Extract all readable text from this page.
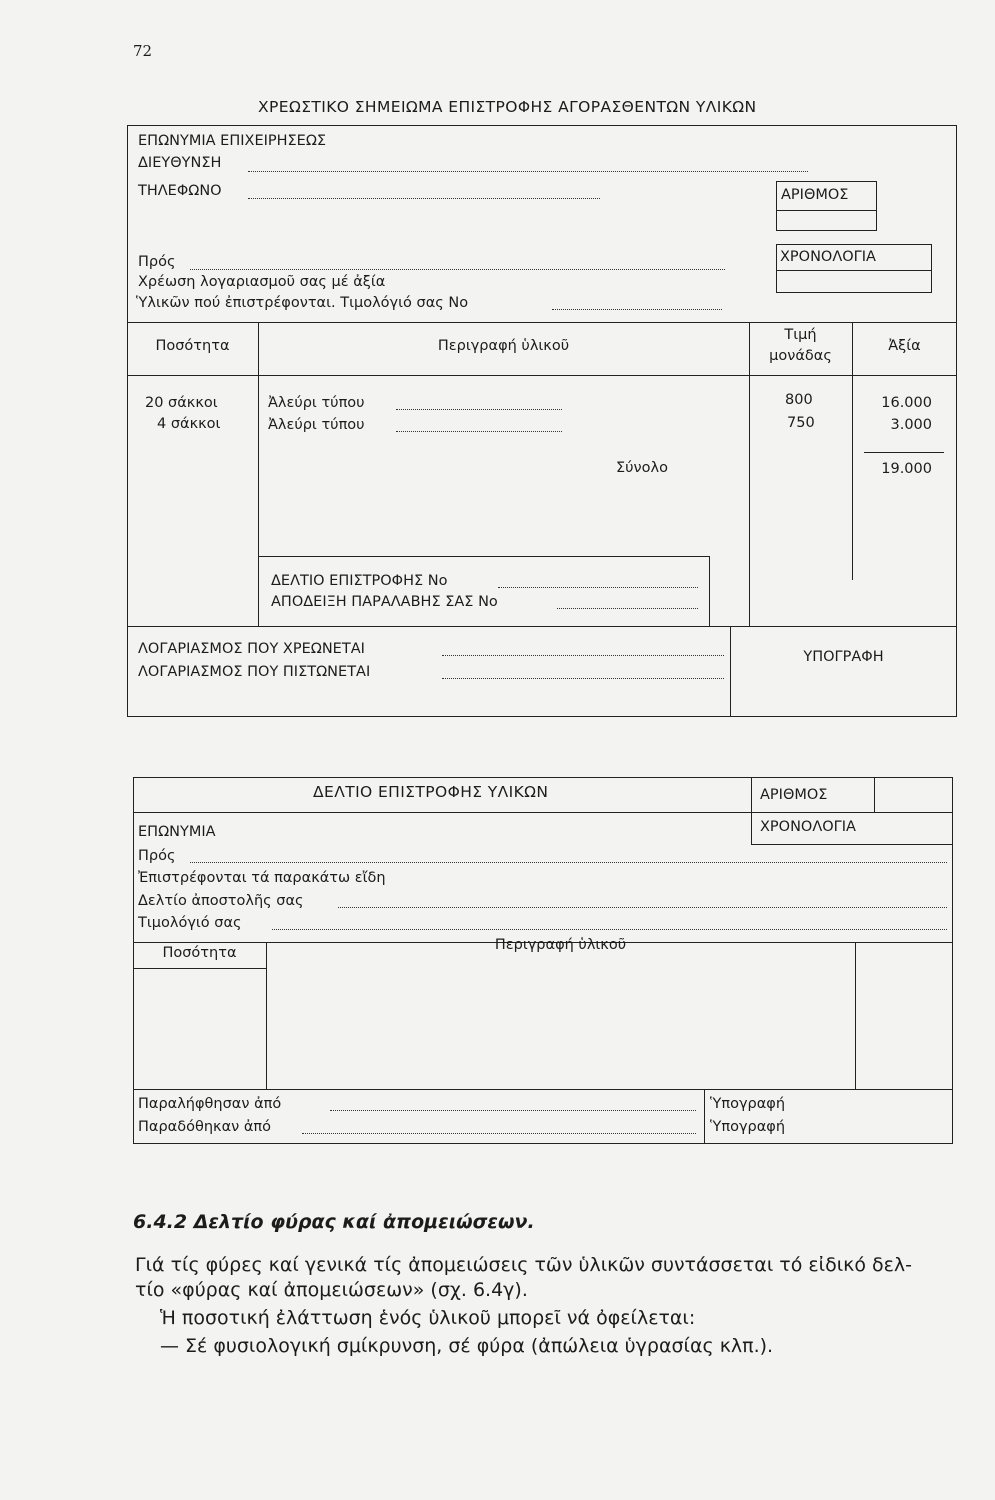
72
ΧΡΕΩΣΤΙΚΟ ΣΗΜΕΙΩΜΑ ΕΠΙΣΤΡΟΦΗΣ ΑΓΟΡΑΣΘΕΝΤΩΝ ΥΛΙΚΩΝ
ΕΠΩΝΥΜΙΑ ΕΠΙΧΕΙΡΗΣΕΩΣ
ΔΙΕΥΘΥΝΣΗ
ΤΗΛΕΦΩΝΟ	ΑΡΙΘΜΟΣ
Πρός	ΧΡΟΝΟΛΟΓΙΑ
Χρέωση λογαριασμοῦ σας μέ ἀξία
Ὑλικῶν πού ἐπιστρέφονται. Τιμολόγιό σας Νο
Ποσότητα	Περιγραφή ὑλικοῦ
Τιμή
μονάδας
Ἀξία
20 σάκκοι	Ἀλεύρι τύπου	800	16.000
4 σάκκοι	Ἀλεύρι τύπου	750	3.000
Σύνολο	19.000
ΔΕΛΤΙΟ ΕΠΙΣΤΡΟΦΗΣ Νο
ΑΠΟΔΕΙΞΗ ΠΑΡΑΛΑΒΗΣ ΣΑΣ Νο
ΛΟΓΑΡΙΑΣΜΟΣ ΠΟΥ ΧΡΕΩΝΕΤΑΙ
ΛΟΓΑΡΙΑΣΜΟΣ ΠΟΥ ΠΙΣΤΩΝΕΤΑΙ
ΥΠΟΓΡΑΦΗ
ΔΕΛΤΙΟ ΕΠΙΣΤΡΟΦΗΣ ΥΛΙΚΩΝ	ΑΡΙΘΜΟΣ
ΧΡΟΝΟΛΟΓΙΑ
ΕΠΩΝΥΜΙΑ
Πρός
Ἐπιστρέφονται τά παρακάτω εἴδη
Δελτίο ἀποστολῆς σας
Τιμολόγιό σας
Ποσότητα	Περιγραφή ὑλικοῦ
Παραλήφθησαν ἀπό
Παραδόθηκαν ἀπό
Ὑπογραφή
Ὑπογραφή
6.4.2 Δελτίο φύρας καί ἀπομειώσεων.
Γιά τίς φύρες καί γενικά τίς ἀπομειώσεις τῶν ὑλικῶν συντάσσεται τό εἰδικό δελ-
τίο «φύρας καί ἀπομειώσεων» (σχ. 6.4γ).
Ἡ ποσοτική ἐλάττωση ἑνός ὑλικοῦ μπορεῖ νά ὀφείλεται:
— Σέ φυσιολογική σμίκρυνση, σέ φύρα (ἀπώλεια ὑγρασίας κλπ.).
